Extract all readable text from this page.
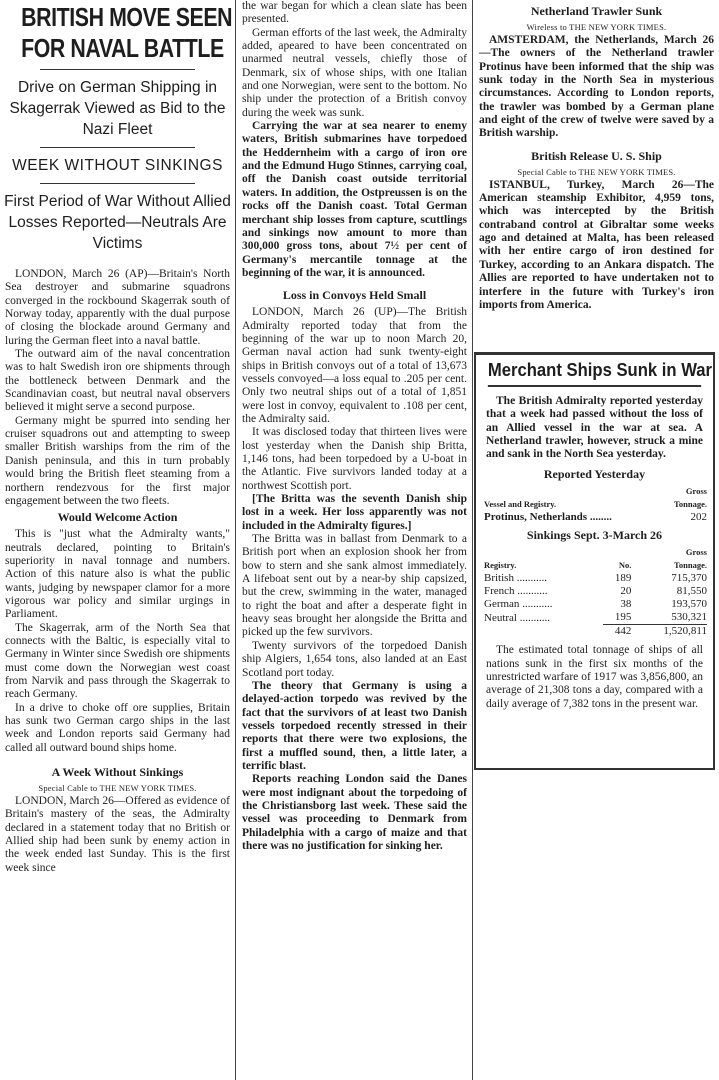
BRITISH MOVE SEEN
FOR NAVAL BATTLE
Drive on German Shipping in Skagerrak Viewed as Bid to the Nazi Fleet
WEEK WITHOUT SINKINGS
First Period of War Without Allied Losses Reported—Neutrals Are Victims

LONDON, March 26 (AP)—Britain's North Sea destroyer and submarine squadrons converged in the rockbound Skagerrak south of Norway today, apparently with the dual purpose of closing the blockade around Germany and luring the German fleet into a naval battle.

The outward aim of the naval concentration was to halt Swedish iron ore shipments through the bottleneck between Denmark and the Scandinavian coast, but neutral naval observers believed it might serve a second purpose.

Germany might be spurred into sending her cruiser squadrons out and attempting to sweep smaller British warships from the rim of the Danish peninsula, and this in turn probably would bring the British fleet steaming from a northern rendezvous for the first major engagement between the two fleets.

Would Welcome Action

This is "just what the Admiralty wants," neutrals declared, pointing to Britain's superiority in naval tonnage and numbers. Action of this nature also is what the public wants, judging by newspaper clamor for a more vigorous war policy and similar urgings in Parliament.

The Skagerrak, arm of the North Sea that connects with the Baltic, is especially vital to Germany in Winter since Swedish ore shipments must come down the Norwegian west coast from Narvik and pass through the Skagerrak to reach Germany.

In a drive to choke off ore supplies, Britain has sunk two German cargo ships in the last week and London reports said Germany had called all outward bound ships home.

A Week Without Sinkings
Special Cable to THE NEW YORK TIMES.

LONDON, March 26—Offered as evidence of Britain's mastery of the seas, the Admiralty declared in a statement today that no British or Allied ship had been sunk by enemy action in the week ended last Sunday. This is the first week since

the war began for which a clean slate has been presented.

German efforts of the last week, the Admiralty added, apeared to have been concentrated on unarmed neutral vessels, chiefly those of Denmark, six of whose ships, with one Italian and one Norwegian, were sent to the bottom. No ship under the protection of a British convoy during the week was sunk.

Carrying the war at sea nearer to enemy waters, British submarines have torpedoed the Heddernheim with a cargo of iron ore and the Edmund Hugo Stinnes, carrying coal, off the Danish coast outside territorial waters. In addition, the Ostpreussen is on the rocks off the Danish coast. Total German merchant ship losses from capture, scuttlings and sinkings now amount to more than 300,000 gross tons, about 7½ per cent of Germany's mercantile tonnage at the beginning of the war, it is announced.

Loss in Convoys Held Small

LONDON, March 26 (UP)—The British Admiralty reported today that from the beginning of the war up to noon March 20, German naval action had sunk twenty-eight ships in British convoys out of a total of 13,673 vessels convoyed—a loss equal to .205 per cent. Only two neutral ships out of a total of 1,851 were lost in convoy, equivalent to .108 per cent, the Admiralty said.

It was disclosed today that thirteen lives were lost yesterday when the Danish ship Britta, 1,146 tons, had been torpedoed by a U-boat in the Atlantic. Five survivors landed today at a northwest Scottish port.

[The Britta was the seventh Danish ship lost in a week. Her loss apparently was not included in the Admiralty figures.]

The Britta was in ballast from Denmark to a British port when an explosion shook her from bow to stern and she sank almost immediately. A lifeboat sent out by a near-by ship capsized, but the crew, swimming in the water, managed to right the boat and after a desperate fight in heavy seas brought her alongside the Britta and picked up the few survivors.

Twenty survivors of the torpedoed Danish ship Algiers, 1,654 tons, also landed at an East Scotland port today.

The theory that Germany is using a delayed-action torpedo was revived by the fact that the survivors of at least two Danish vessels torpedoed recently stressed in their reports that there were two explosions, the first a muffled sound, then, a little later, a terrific blast.

Reports reaching London said the Danes were most indignant about the torpedoing of the Christiansborg last week. These said the vessel was proceeding to Denmark from Philadelphia with a cargo of maize and that there was no justification for sinking her.

Netherland Trawler Sunk
Wireless to THE NEW YORK TIMES.

AMSTERDAM, the Netherlands, March 26—The owners of the Netherland trawler Protinus have been informed that the ship was sunk today in the North Sea in mysterious circumstances. According to London reports, the trawler was bombed by a German plane and eight of the crew of twelve were saved by a British warship.

British Release U. S. Ship
Special Cable to THE NEW YORK TIMES.

ISTANBUL, Turkey, March 26—The American steamship Exhibitor, 4,959 tons, which was intercepted by the British contraband control at Gibraltar some weeks ago and detained at Malta, has been released with her entire cargo of iron destined for Turkey, according to an Ankara dispatch. The Allies are reported to have undertaken not to interfere in the future with Turkey's iron imports from America.

Merchant Ships Sunk in War

The British Admiralty reported yesterday that a week had passed without the loss of an Allied vessel in the war at sea. A Netherland trawler, however, struck a mine and sank in the North Sea yesterday.

Reported Yesterday
Vessel and Registry.	Gross
Tonnage.
Protinus, Netherlands ........	202
Sinkings Sept. 3-March 26
Registry.	No.	Gross
Tonnage.
British ...........	189	715,370
French ...........	20	81,550
German ...........	38	193,570
Neutral ...........	195	530,321
	442	1,520,811

The estimated total tonnage of ships of all nations sunk in the first six months of the unrestricted warfare of 1917 was 3,856,800, an average of 21,308 tons a day, compared with a daily average of 7,382 tons in the present war.
